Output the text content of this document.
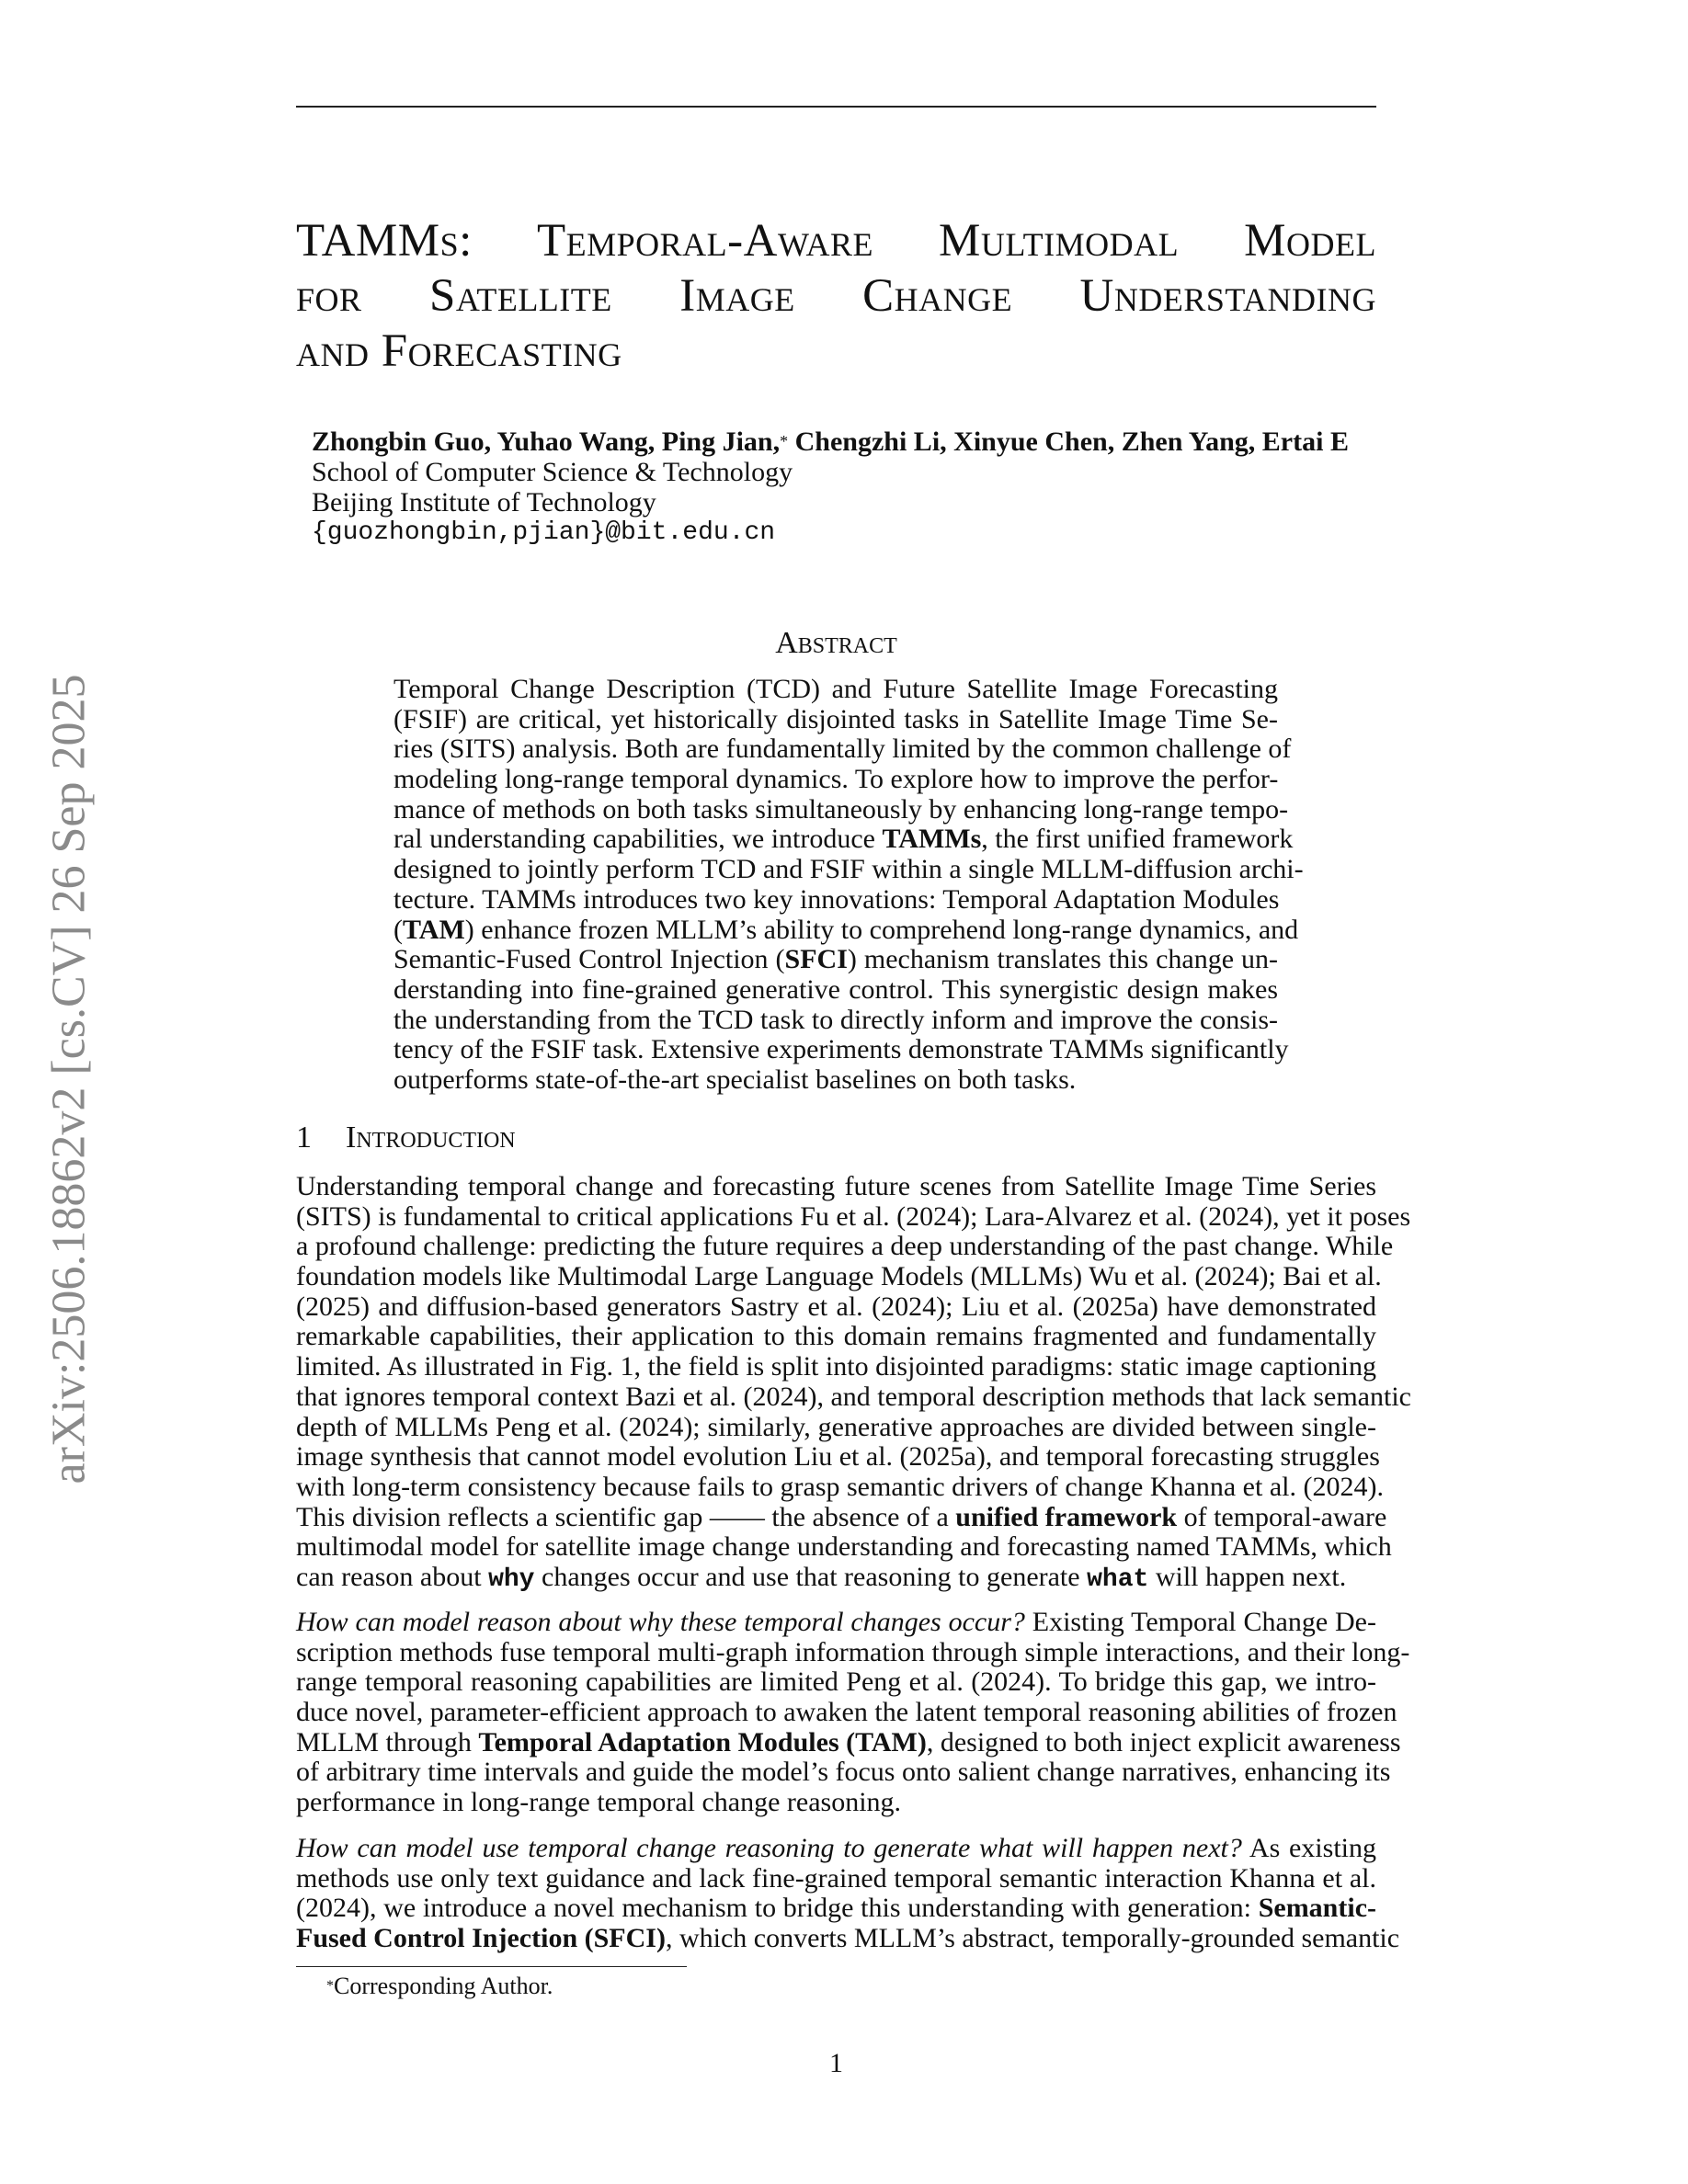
arXiv:2506.18862v2 [cs.CV] 26 Sep 2025
TAMMs: Temporal-Aware Multimodal Model
for Satellite Image Change Understanding
and Forecasting
Zhongbin Guo, Yuhao Wang, Ping Jian,* Chengzhi Li, Xinyue Chen, Zhen Yang, Ertai E
School of Computer Science & Technology
Beijing Institute of Technology
{guozhongbin,pjian}@bit.edu.cn
Abstract
Temporal Change Description (TCD) and Future Satellite Image Forecasting
(FSIF) are critical, yet historically disjointed tasks in Satellite Image Time Se-
ries (SITS) analysis. Both are fundamentally limited by the common challenge of
modeling long-range temporal dynamics. To explore how to improve the perfor-
mance of methods on both tasks simultaneously by enhancing long-range tempo-
ral understanding capabilities, we introduce TAMMs, the first unified framework
designed to jointly perform TCD and FSIF within a single MLLM-diffusion archi-
tecture. TAMMs introduces two key innovations: Temporal Adaptation Modules
(TAM) enhance frozen MLLM’s ability to comprehend long-range dynamics, and
Semantic-Fused Control Injection (SFCI) mechanism translates this change un-
derstanding into fine-grained generative control. This synergistic design makes
the understanding from the TCD task to directly inform and improve the consis-
tency of the FSIF task. Extensive experiments demonstrate TAMMs significantly
outperforms state-of-the-art specialist baselines on both tasks.
1 Introduction
Understanding temporal change and forecasting future scenes from Satellite Image Time Series
(SITS) is fundamental to critical applications Fu et al. (2024); Lara-Alvarez et al. (2024), yet it poses
a profound challenge: predicting the future requires a deep understanding of the past change. While
foundation models like Multimodal Large Language Models (MLLMs) Wu et al. (2024); Bai et al.
(2025) and diffusion-based generators Sastry et al. (2024); Liu et al. (2025a) have demonstrated
remarkable capabilities, their application to this domain remains fragmented and fundamentally
limited. As illustrated in Fig. 1, the field is split into disjointed paradigms: static image captioning
that ignores temporal context Bazi et al. (2024), and temporal description methods that lack semantic
depth of MLLMs Peng et al. (2024); similarly, generative approaches are divided between single-
image synthesis that cannot model evolution Liu et al. (2025a), and temporal forecasting struggles
with long-term consistency because fails to grasp semantic drivers of change Khanna et al. (2024).
This division reflects a scientific gap —— the absence of a unified framework of temporal-aware
multimodal model for satellite image change understanding and forecasting named TAMMs, which
can reason about why changes occur and use that reasoning to generate what will happen next.
How can model reason about why these temporal changes occur? Existing Temporal Change De-
scription methods fuse temporal multi-graph information through simple interactions, and their long-
range temporal reasoning capabilities are limited Peng et al. (2024). To bridge this gap, we intro-
duce novel, parameter-efficient approach to awaken the latent temporal reasoning abilities of frozen
MLLM through Temporal Adaptation Modules (TAM), designed to both inject explicit awareness
of arbitrary time intervals and guide the model’s focus onto salient change narratives, enhancing its
performance in long-range temporal change reasoning.
How can model use temporal change reasoning to generate what will happen next? As existing
methods use only text guidance and lack fine-grained temporal semantic interaction Khanna et al.
(2024), we introduce a novel mechanism to bridge this understanding with generation: Semantic-
Fused Control Injection (SFCI), which converts MLLM’s abstract, temporally-grounded semantic
*Corresponding Author.
1
